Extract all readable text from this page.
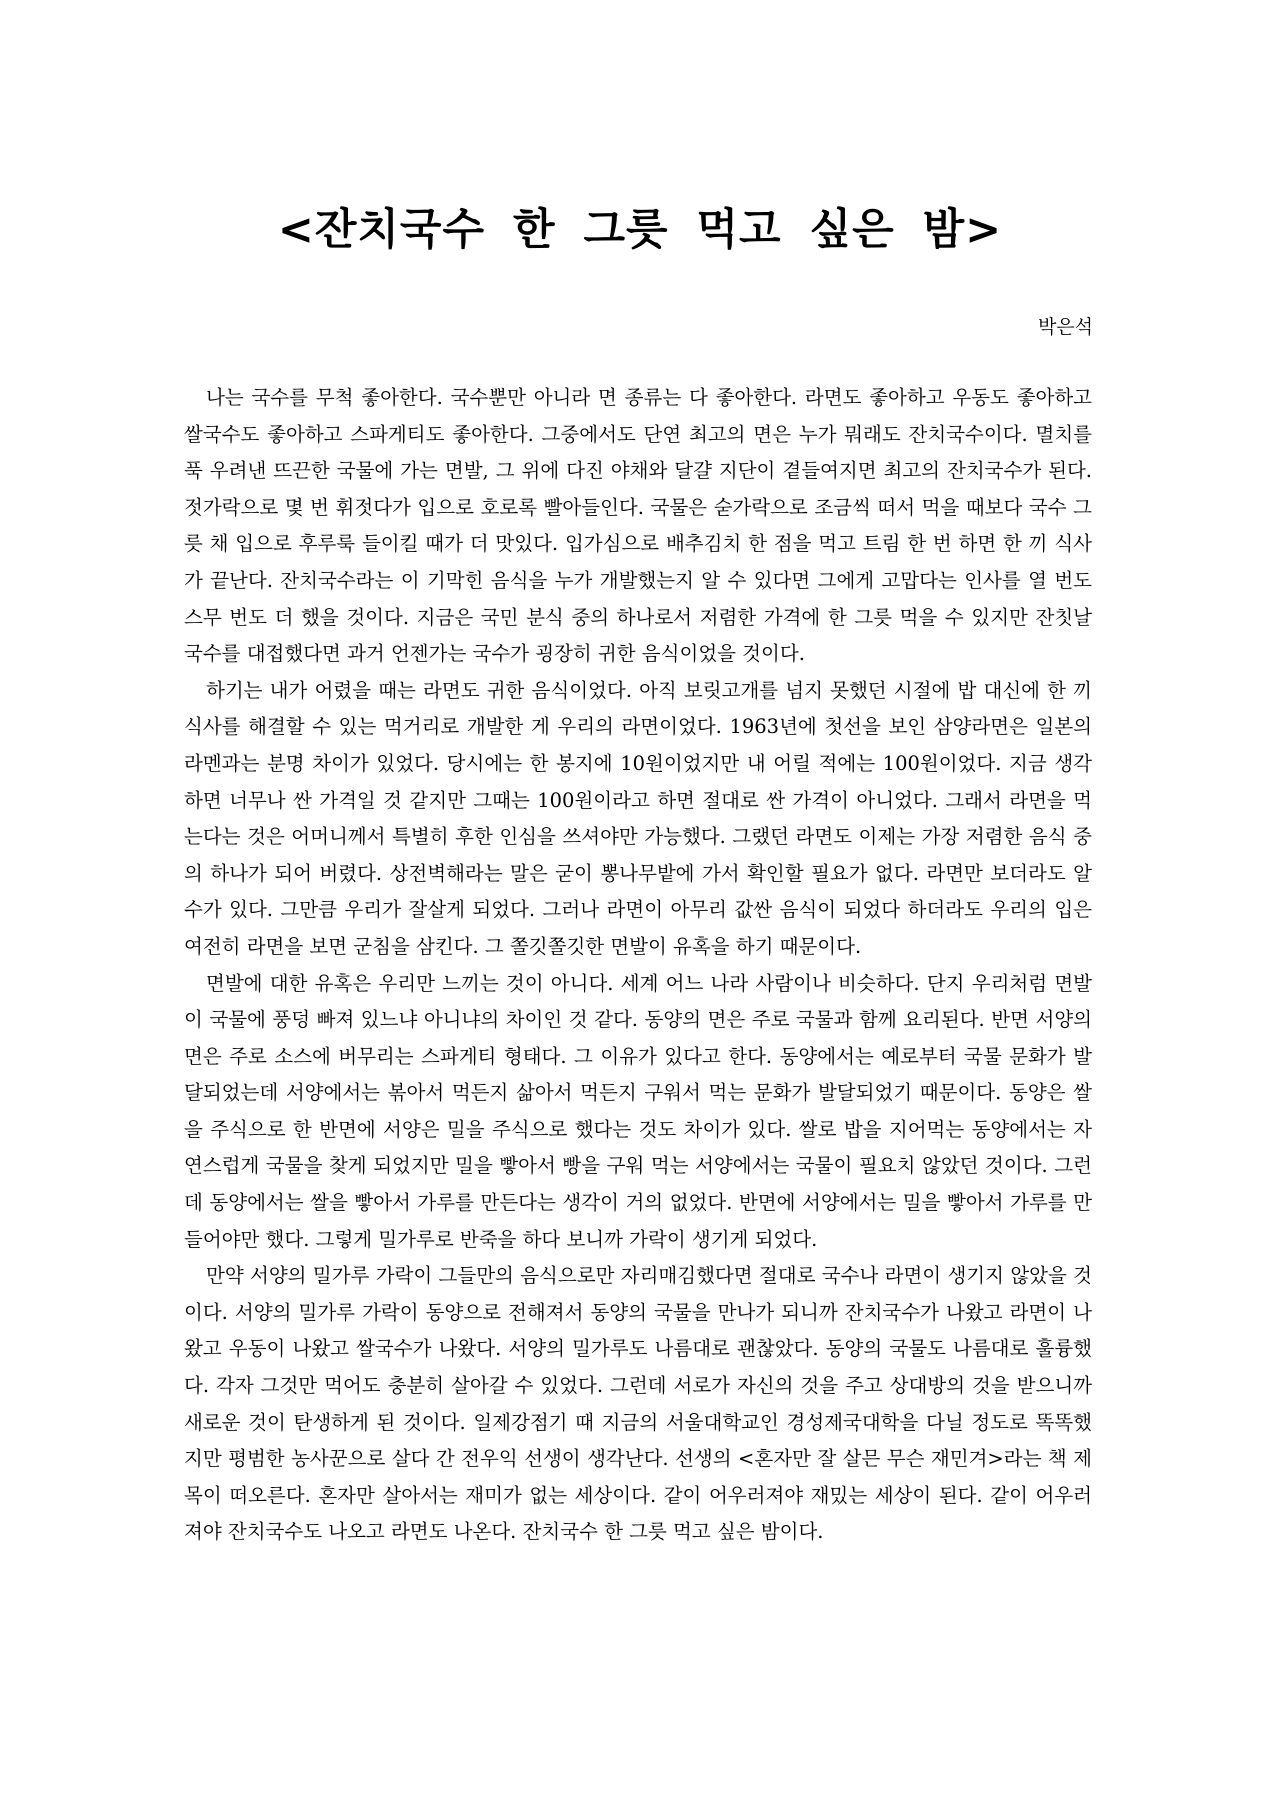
<잔치국수 한 그릇 먹고 싶은 밤>
박은석

나는 국수를 무척 좋아한다. 국수뿐만 아니라 면 종류는 다 좋아한다. 라면도 좋아하고 우동도 좋아하고 쌀국수도 좋아하고 스파게티도 좋아한다. 그중에서도 단연 최고의 면은 누가 뭐래도 잔치국수이다. 멸치를 푹 우려낸 뜨끈한 국물에 가는 면발, 그 위에 다진 야채와 달걀 지단이 곁들여지면 최고의 잔치국수가 된다. 젓가락으로 몇 번 휘젓다가 입으로 호로록 빨아들인다. 국물은 숟가락으로 조금씩 떠서 먹을 때보다 국수 그릇 채 입으로 후루룩 들이킬 때가 더 맛있다. 입가심으로 배추김치 한 점을 먹고 트림 한 번 하면 한 끼 식사가 끝난다. 잔치국수라는 이 기막힌 음식을 누가 개발했는지 알 수 있다면 그에게 고맙다는 인사를 열 번도 스무 번도 더 했을 것이다. 지금은 국민 분식 중의 하나로서 저렴한 가격에 한 그릇 먹을 수 있지만 잔칫날 국수를 대접했다면 과거 언젠가는 국수가 굉장히 귀한 음식이었을 것이다.

하기는 내가 어렸을 때는 라면도 귀한 음식이었다. 아직 보릿고개를 넘지 못했던 시절에 밥 대신에 한 끼 식사를 해결할 수 있는 먹거리로 개발한 게 우리의 라면이었다. 1963년에 첫선을 보인 삼양라면은 일본의 라멘과는 분명 차이가 있었다. 당시에는 한 봉지에 10원이었지만 내 어릴 적에는 100원이었다. 지금 생각하면 너무나 싼 가격일 것 같지만 그때는 100원이라고 하면 절대로 싼 가격이 아니었다. 그래서 라면을 먹는다는 것은 어머니께서 특별히 후한 인심을 쓰셔야만 가능했다. 그랬던 라면도 이제는 가장 저렴한 음식 중의 하나가 되어 버렸다. 상전벽해라는 말은 굳이 뽕나무밭에 가서 확인할 필요가 없다. 라면만 보더라도 알 수가 있다. 그만큼 우리가 잘살게 되었다. 그러나 라면이 아무리 값싼 음식이 되었다 하더라도 우리의 입은 여전히 라면을 보면 군침을 삼킨다. 그 쫄깃쫄깃한 면발이 유혹을 하기 때문이다.

면발에 대한 유혹은 우리만 느끼는 것이 아니다. 세계 어느 나라 사람이나 비슷하다. 단지 우리처럼 면발이 국물에 풍덩 빠져 있느냐 아니냐의 차이인 것 같다. 동양의 면은 주로 국물과 함께 요리된다. 반면 서양의 면은 주로 소스에 버무리는 스파게티 형태다. 그 이유가 있다고 한다. 동양에서는 예로부터 국물 문화가 발달되었는데 서양에서는 볶아서 먹든지 삶아서 먹든지 구워서 먹는 문화가 발달되었기 때문이다. 동양은 쌀을 주식으로 한 반면에 서양은 밀을 주식으로 했다는 것도 차이가 있다. 쌀로 밥을 지어먹는 동양에서는 자연스럽게 국물을 찾게 되었지만 밀을 빻아서 빵을 구워 먹는 서양에서는 국물이 필요치 않았던 것이다. 그런데 동양에서는 쌀을 빻아서 가루를 만든다는 생각이 거의 없었다. 반면에 서양에서는 밀을 빻아서 가루를 만들어야만 했다. 그렇게 밀가루로 반죽을 하다 보니까 가락이 생기게 되었다.

만약 서양의 밀가루 가락이 그들만의 음식으로만 자리매김했다면 절대로 국수나 라면이 생기지 않았을 것이다. 서양의 밀가루 가락이 동양으로 전해져서 동양의 국물을 만나가 되니까 잔치국수가 나왔고 라면이 나왔고 우동이 나왔고 쌀국수가 나왔다. 서양의 밀가루도 나름대로 괜찮았다. 동양의 국물도 나름대로 훌륭했다. 각자 그것만 먹어도 충분히 살아갈 수 있었다. 그런데 서로가 자신의 것을 주고 상대방의 것을 받으니까 새로운 것이 탄생하게 된 것이다. 일제강점기 때 지금의 서울대학교인 경성제국대학을 다닐 정도로 똑똑했지만 평범한 농사꾼으로 살다 간 전우익 선생이 생각난다. 선생의 <혼자만 잘 살믄 무슨 재민겨>라는 책 제목이 떠오른다. 혼자만 살아서는 재미가 없는 세상이다. 같이 어우러져야 재밌는 세상이 된다. 같이 어우러져야 잔치국수도 나오고 라면도 나온다. 잔치국수 한 그릇 먹고 싶은 밤이다.
